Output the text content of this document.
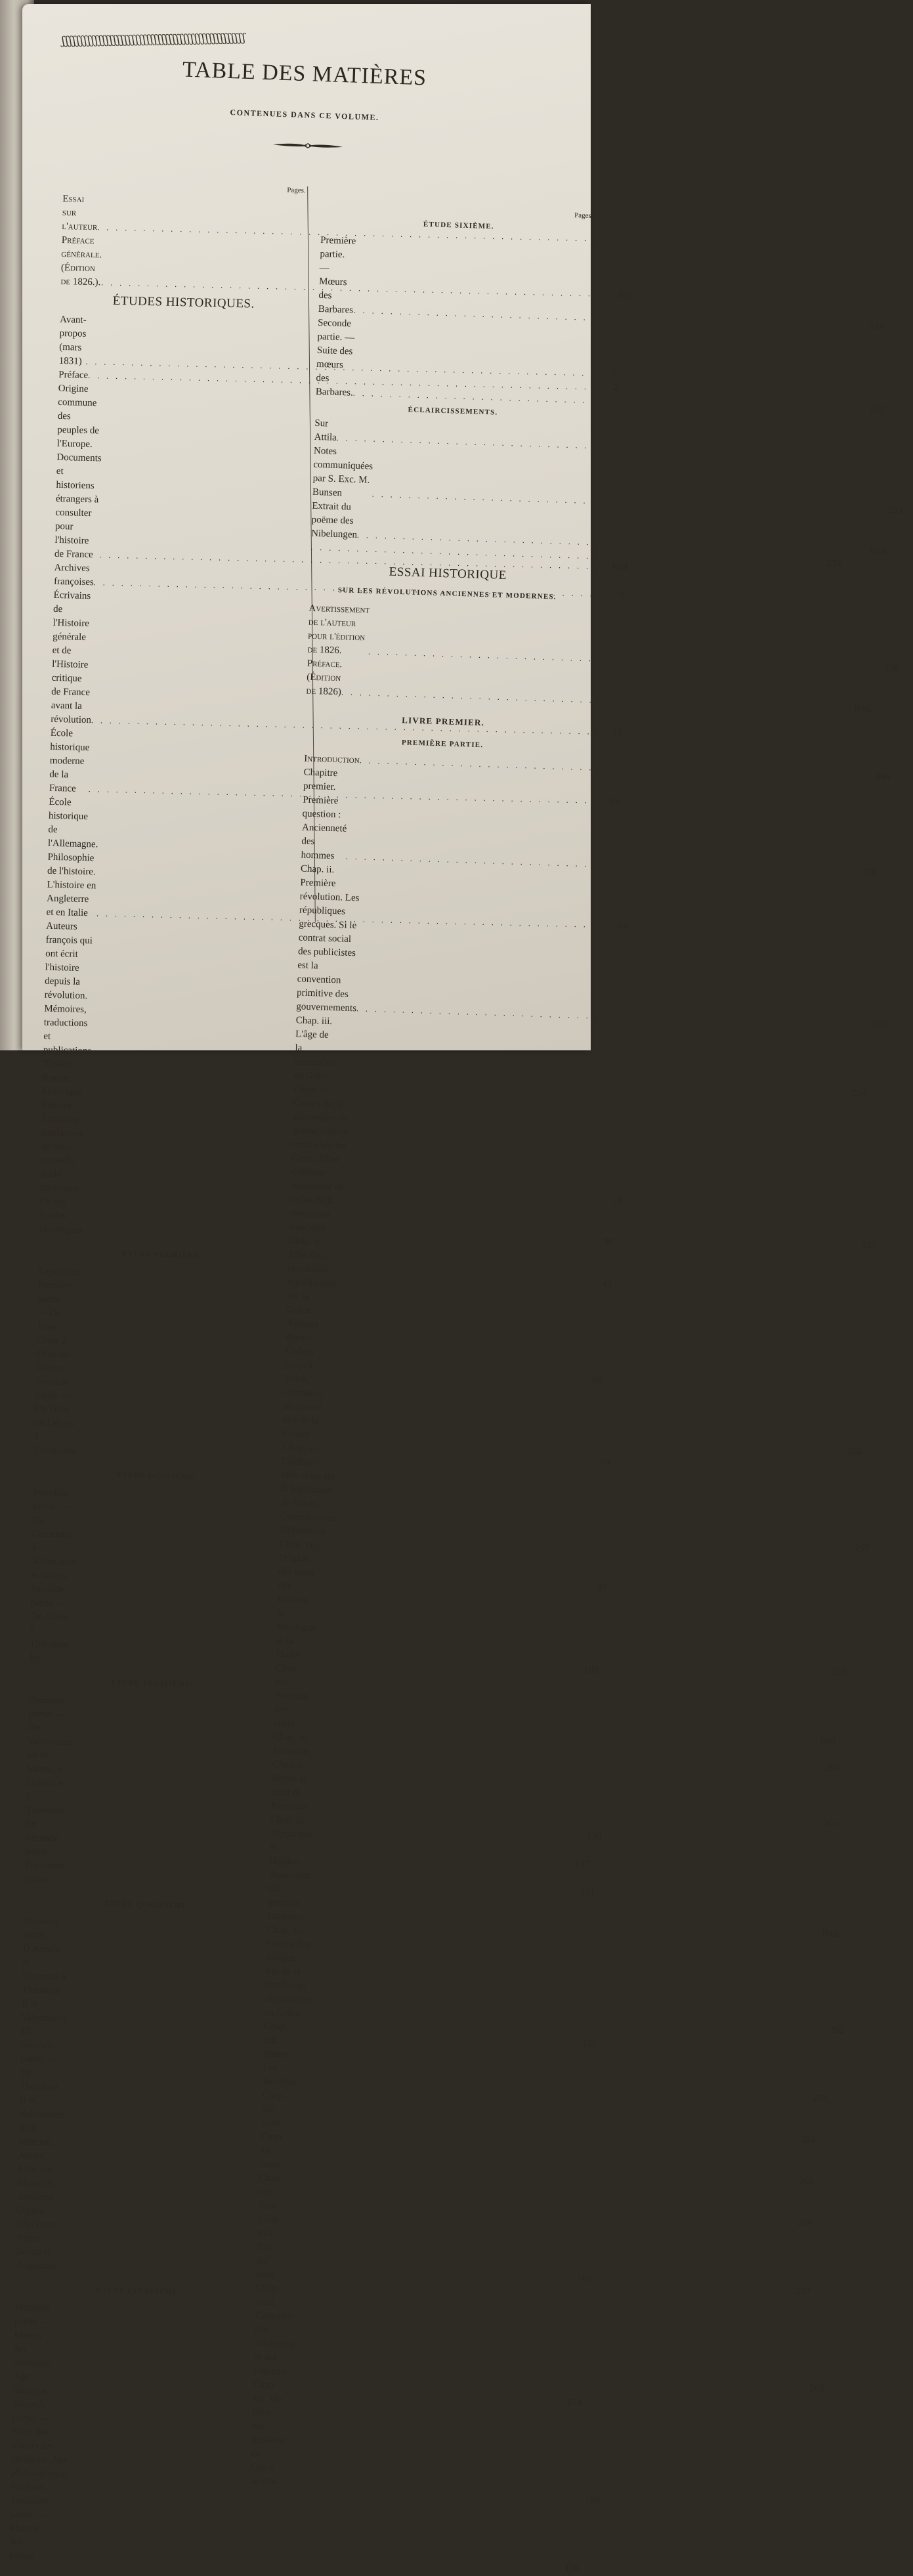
ʃʃʃʃʃʃʃʃʃʃʃʃʃʃʃʃʃʃʃʃʃʃʃʃʃʃʃʃʃʃʃʃʃʃʃʃʃʃʃʃʃʃʃʃʃʃʃʃʃʃ
TABLE DES MATIÈRES
CONTENUES DANS CE VOLUME.
Pages.
Essai sur l'auteur
. . .
j
Préface générale. (Édition de 1826.).
. . .
xiij
ÉTUDES HISTORIQUES.
Avant-propos (mars 1831)
. . .
1
Préface
. . .
2
Origine commune des peuples de l'Europe. Documents et historiens étrangers à consulter pour l'histoire de France
. . .
Ibid.
Archives françoises
. . .
6
Écrivains de l'Histoire générale et de l'Histoire critique de France avant la révolution
. . .
10
École historique moderne de la France
. . .
13
École historique de l'Allemagne. Philosophie de l'histoire. L'histoire en Angleterre et en Italie
. . .
14
Auteurs françois qui ont écrit l'histoire depuis la révolution. Mémoires, traductions et publications. Théâtre. Roman historique. Poésies. Écrivains fondateurs de notre nouvelle école historique
. . .
18
De ces Études historiques
. . .
30
ÉTUDE PREMIÈRE.
Exposition
. . .
43
Première partie. — De Jules César à Dèce ou Décius.
. . .
50
Seconde partie. — De Dèce ou Décius à Constantin.
. . .
79
ÉTUDE DEUXIÈME.
Première partie. — De Constantin à Valentinien et Valens
. . .
95
Seconde partie. — De Julien à Théodose Ier
. . .
109
ÉTUDE TROISIÈME.
Première partie. — De Valentinien Ier et Valens, à Gratien et à Théodose Ier
. . .
130
Seconde partie
. . .
137
Troisième partie
. . .
151
ÉTUDE QUATRIÈME.
Première partie. — D'Arcade et Honorius à Théodose II et Valentinien III.
. . .
158
Seconde partie. — De Théodose II et Valentinien III à Marcien, Avitus, Léon Ier, Majorien, Anthême, Olybre, Glycérius, Népos, Zénon et Augustule.
. . .
166
ÉTUDE CINQUIÈME.
Première partie. — Mœurs des chrétiens. Age héroïque
. . .
174
Seconde partie. — Suite des mœurs des chrétiens. Age philosophique. Hérésies
. . .
186
Troisième partie. — Mœurs des païens
. . .
196
Pages.
ÉTUDE SIXIÈME.
Première partie. — Mœurs des Barbares
. . .
210
Seconde partie. — Suite des mœurs des Barbares.
. . .
222
ÉCLAIRCISSEMENTS.
Sur Attila
. . .
Notes communiquées par S. Exc. M. Bunsen
. . .
233
Extrait du poëme des Nibelungen
. . .
Ibid.
. . .
234
ESSAI HISTORIQUE
SUR LES RÉVOLUTIONS ANCIENNES ET MODERNES.
Avertissement de l'auteur pour l'édition de 1826.
. . .
236
Préface. (Édition de 1826)
. . .
Ibid.
LIVRE PREMIER.
PREMIÈRE PARTIE.
Introduction
. . .
246
Chapitre premier. Première question : Ancienneté des hommes
. . .
250
Chap. ii. Première révolution. Les républiques grecques. Si le contrat social des publicistes est la convention primitive des gouvernements
. . .
253
Chap. iii. L'âge de la monarchie en Grèce
. . .
254
Chap. iv. Causes de la subversion du gouvernement royal chez les Grecs. Elles diffèrent totalement de celles de la révolution françoise
. . .
255
Chap. v. Effet de la révolution républicaine sur la Grèce. Athènes depuis Codrus jusqu'à Solon, comparée au nouvel état de la France
. . .
256
Chap. vi. Quelques réflexions sur la législation de Solon. Comparaisons. Différences
. . .
257
Chap. vii. Origine des noms des factions : la Montagne et la Plaine
. . .
259
Chap. viii. Portraits des chefs
. . .
Ibid.
Chap. ix. Pisistrate
. . .
260
Chap. x. Règne et mort de Pisistrate
. . .
261
Chap. xi. Hipparque et Hippias. Assassinat du premier. Rapports
. . .
Ibid.
Chap. xii. Guerre des émigrés. Fin de la révolution républicaine en Grèce
. . .
262
Chap. xiii. Sparte. Les Jacobins
. . .
263
Chap. xiv. Suite
. . .
264
Chap. xv. Suite
. . .
265
Chap. xvi. Suite
. . .
266
Chap. xvii. Fin du sujet
. . .
267
Chap. xviii. Caractère des Athéniens et des François
. . .
268
Chap. xix. De l'état des lumières en Grèce au mo-
